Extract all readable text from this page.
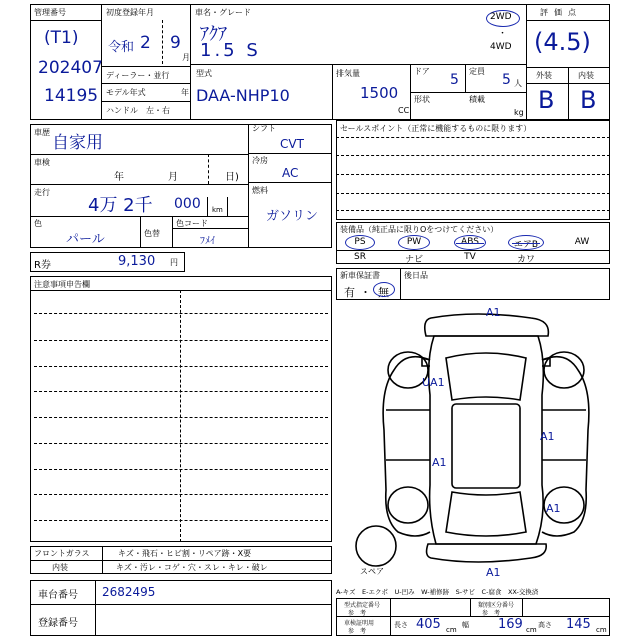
管理番号
(T1)
202407
14195
初度登録年月
令和 2 9
月
ディーラー・並行
モデル年式	年
ハンドル　左・右
車名・グレード
ｱｸｱ
1.5 S
2WD
・
4WD
型式
DAA-NHP10
排気量
1500
CC
ドア
5
定員
5 人
形状	積載
kg
評価点
(4.5)
外装	内装
B B
車歴
自家用
車検
年	月	日)
走行
4万 2千 000 km
色
パール	色替
色コード
ﾌﾒｲ
シフト
CVT
冷房
AC
燃料
ガソリン
R券	9,130 円
セールスポイント（正常に機能するものに限ります）
装備品（純正品に限りOをつけてください）
PS	PW	ABS	エアB	AW
SR	ナビ	TV	カワ
新車保証書
有 ・ 無
後日品
注意事項申告欄
A1
UA1
A1
A1
A1
A1
スペア
A-キズ　E-エクボ　U-凹み　W-補修跡　S-サビ　C-腐食　XX-交換済
フロントガラス	キズ・飛石・ヒビ割・リペア跡・X要
内装	キズ・汚レ・コゲ・穴・スレ・キレ・破レ
車台番号 2682495
登録番号
型式指定番号
参　考
類別区分番号
参　考
車検証明用
参　考
長さ 405 cm
幅 169 cm
高さ 145 cm
